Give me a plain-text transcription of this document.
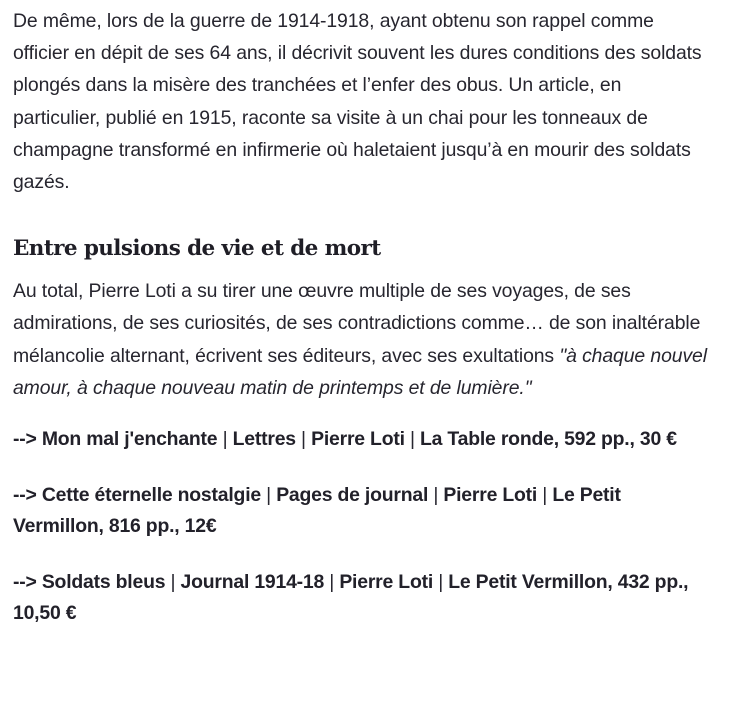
De même, lors de la guerre de 1914-1918, ayant obtenu son rappel comme officier en dépit de ses 64 ans, il décrivit souvent les dures conditions des soldats plongés dans la misère des tranchées et l’enfer des obus. Un article, en particulier, publié en 1915, raconte sa visite à un chai pour les tonneaux de champagne transformé en infirmerie où haletaient jusqu’à en mourir des soldats gazés.

Entre pulsions de vie et de mort

Au total, Pierre Loti a su tirer une œuvre multiple de ses voyages, de ses admirations, de ses curiosités, de ses contradictions comme… de son inaltérable mélancolie alternant, écrivent ses éditeurs, avec ses exultations "à chaque nouvel amour, à chaque nouveau matin de printemps et de lumière."

--> Mon mal j'enchante | Lettres | Pierre Loti | La Table ronde, 592 pp., 30 €

--> Cette éternelle nostalgie | Pages de journal | Pierre Loti | Le Petit Vermillon, 816 pp., 12€

--> Soldats bleus | Journal 1914-18 | Pierre Loti | Le Petit Vermillon, 432 pp., 10,50 €
